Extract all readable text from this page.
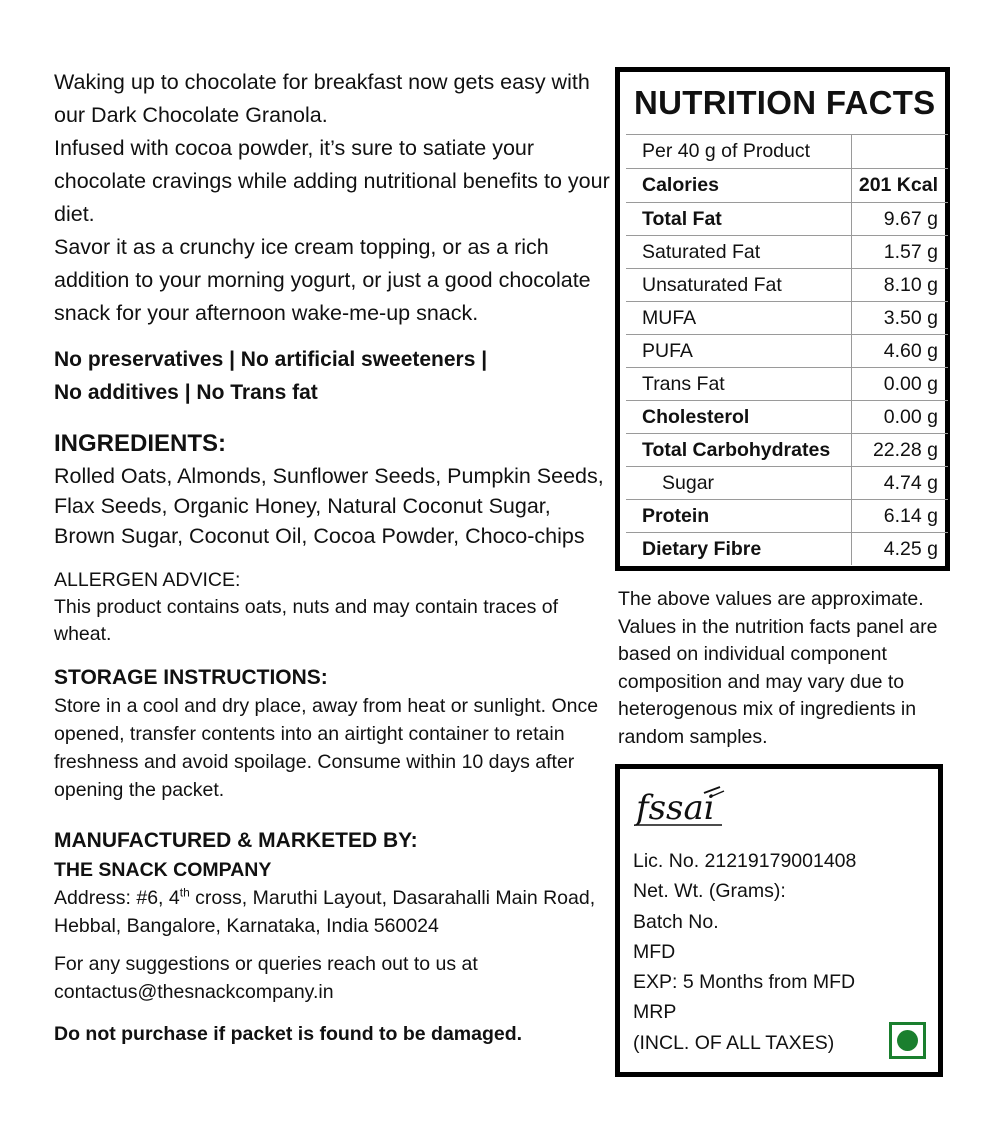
Waking up to chocolate for breakfast now gets easy with our Dark Chocolate Granola.

Infused with cocoa powder, it’s sure to satiate your chocolate cravings while adding nutritional benefits to your diet.

Savor it as a crunchy ice cream topping, or as a rich addition to your morning yogurt, or just a good chocolate snack for your afternoon wake-me-up snack.

No preservatives | No artificial sweeteners |
No additives | No Trans fat
INGREDIENTS:
Rolled Oats, Almonds, Sunflower Seeds, Pumpkin Seeds, Flax Seeds, Organic Honey, Natural Coconut Sugar, Brown Sugar, Coconut Oil, Cocoa Powder, Choco-chips
ALLERGEN ADVICE:
This product contains oats, nuts and may contain traces of wheat.
STORAGE INSTRUCTIONS:
Store in a cool and dry place, away from heat or sunlight. Once opened, transfer contents into an airtight container to retain freshness and avoid spoilage. Consume within 10 days after opening the packet.
MANUFACTURED & MARKETED BY:
THE SNACK COMPANY
Address: #6, 4th cross, Maruthi Layout, Dasarahalli Main Road, Hebbal, Bangalore, Karnataka, India 560024
For any suggestions or queries reach out to us at contactus@thesnackcompany.in
Do not purchase if packet is found to be damaged.
NUTRITION FACTS
Per 40 g of Product	
Calories	201 Kcal
Total Fat	9.67 g
Saturated Fat	1.57 g
Unsaturated Fat	8.10 g
MUFA	3.50 g
PUFA	4.60 g
Trans Fat	0.00 g
Cholesterol	0.00 g
Total Carbohydrates	22.28 g
Sugar	4.74 g
Protein	6.14 g
Dietary Fibre	4.25 g
The above values are approximate. Values in the nutrition facts panel are based on individual component composition and may vary due to heterogenous mix of ingredients in random samples.
fssai
Lic. No. 21219179001408
Net. Wt. (Grams):
Batch No.
MFD
EXP: 5 Months from MFD
MRP
(INCL. OF ALL TAXES)
